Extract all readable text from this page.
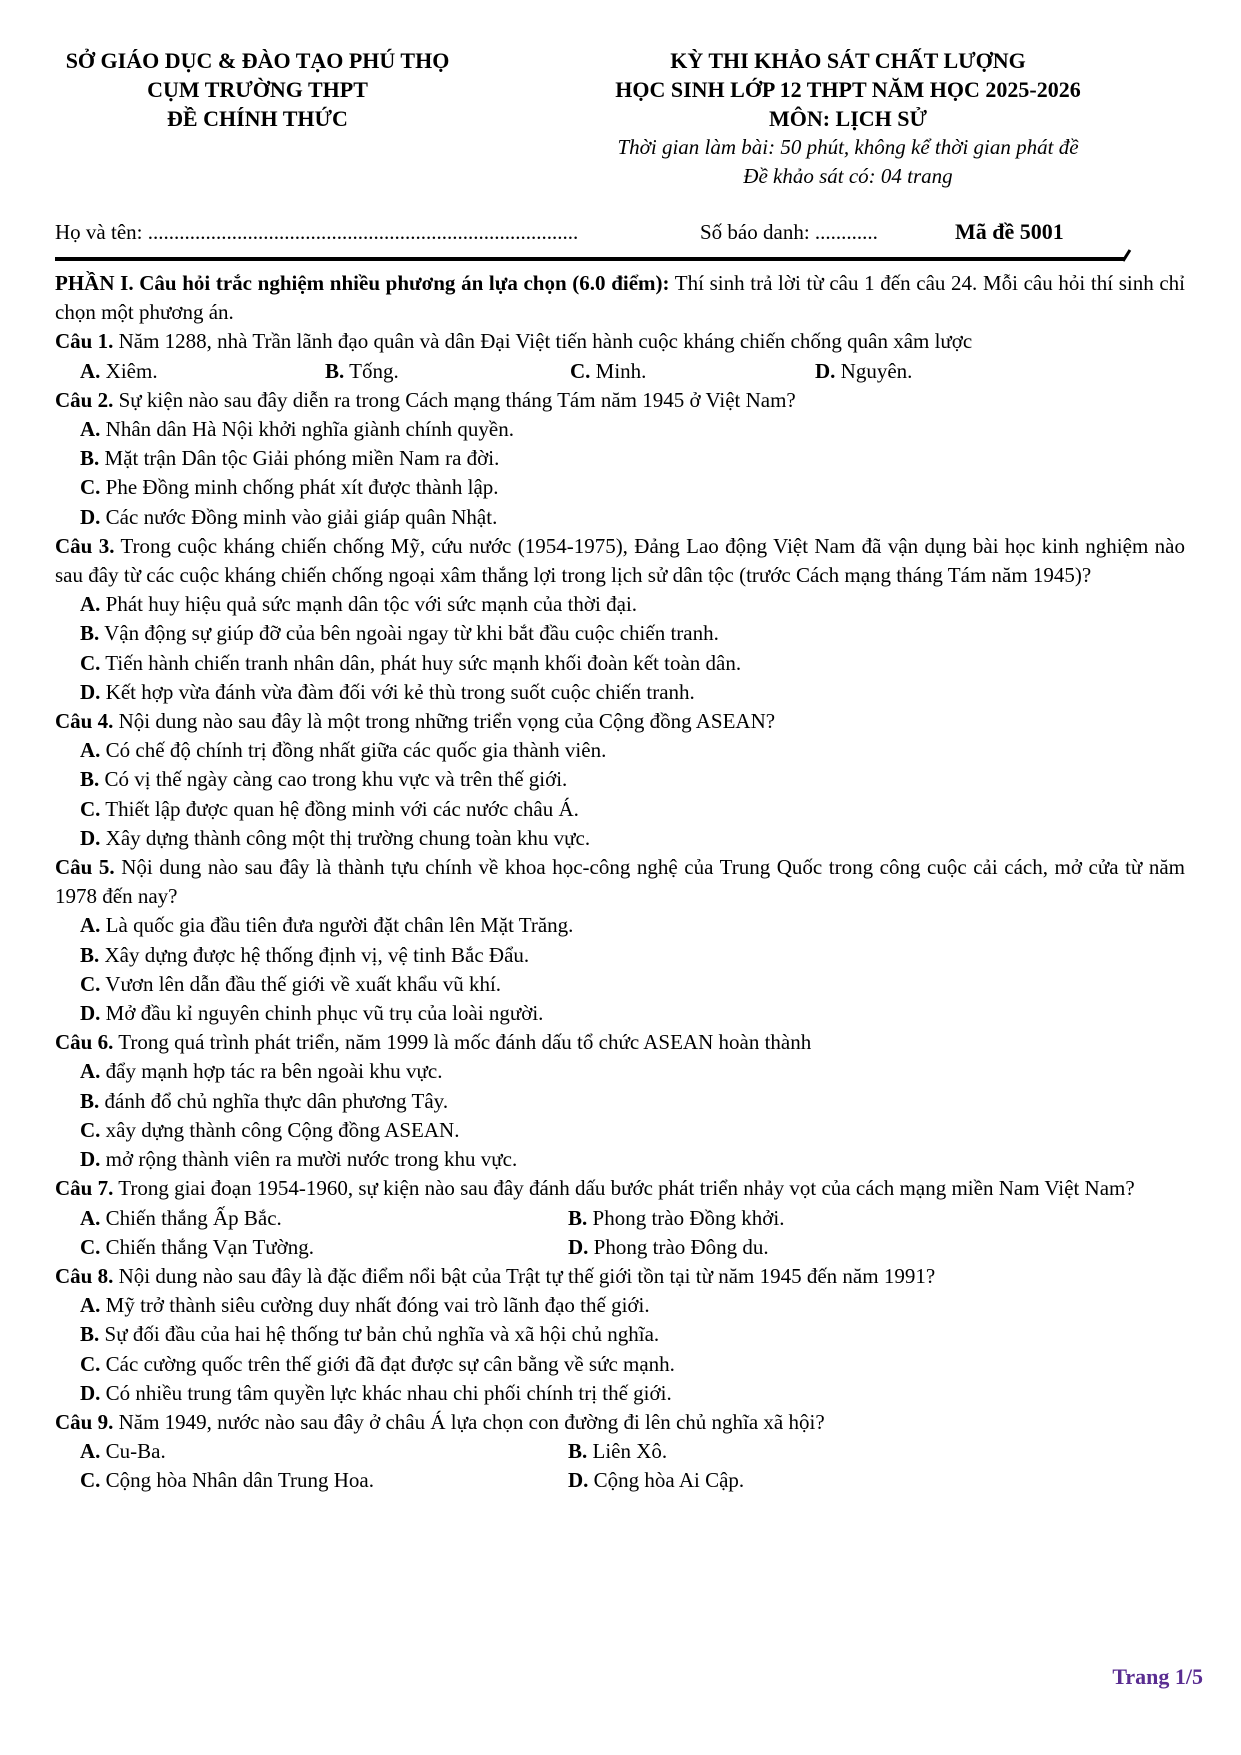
SỞ GIÁO DỤC & ĐÀO TẠO PHÚ THỌ
CỤM TRƯỜNG THPT
ĐỀ CHÍNH THỨC
KỲ THI KHẢO SÁT CHẤT LƯỢNG
HỌC SINH LỚP 12 THPT NĂM HỌC 2025-2026
MÔN: LỊCH SỬ
Thời gian làm bài: 50 phút, không kể thời gian phát đề
Đề khảo sát có: 04 trang
Họ và tên: ..................................................................................	Số báo danh: ............	Mã đề 5001

PHẦN I. Câu hỏi trắc nghiệm nhiều phương án lựa chọn (6.0 điểm): Thí sinh trả lời từ câu 1 đến câu 24. Mỗi câu hỏi thí sinh chỉ chọn một phương án.

Câu 1. Năm 1288, nhà Trần lãnh đạo quân và dân Đại Việt tiến hành cuộc kháng chiến chống quân xâm lược

A. Xiêm.	B. Tống.	C. Minh.	D. Nguyên.

Câu 2. Sự kiện nào sau đây diễn ra trong Cách mạng tháng Tám năm 1945 ở Việt Nam?

A. Nhân dân Hà Nội khởi nghĩa giành chính quyền.
B. Mặt trận Dân tộc Giải phóng miền Nam ra đời.
C. Phe Đồng minh chống phát xít được thành lập.
D. Các nước Đồng minh vào giải giáp quân Nhật.

Câu 3. Trong cuộc kháng chiến chống Mỹ, cứu nước (1954-1975), Đảng Lao động Việt Nam đã vận dụng bài học kinh nghiệm nào sau đây từ các cuộc kháng chiến chống ngoại xâm thắng lợi trong lịch sử dân tộc (trước Cách mạng tháng Tám năm 1945)?

A. Phát huy hiệu quả sức mạnh dân tộc với sức mạnh của thời đại.
B. Vận động sự giúp đỡ của bên ngoài ngay từ khi bắt đầu cuộc chiến tranh.
C. Tiến hành chiến tranh nhân dân, phát huy sức mạnh khối đoàn kết toàn dân.
D. Kết hợp vừa đánh vừa đàm đối với kẻ thù trong suốt cuộc chiến tranh.

Câu 4. Nội dung nào sau đây là một trong những triển vọng của Cộng đồng ASEAN?

A. Có chế độ chính trị đồng nhất giữa các quốc gia thành viên.
B. Có vị thế ngày càng cao trong khu vực và trên thế giới.
C. Thiết lập được quan hệ đồng minh với các nước châu Á.
D. Xây dựng thành công một thị trường chung toàn khu vực.

Câu 5. Nội dung nào sau đây là thành tựu chính về khoa học-công nghệ của Trung Quốc trong công cuộc cải cách, mở cửa từ năm 1978 đến nay?

A. Là quốc gia đầu tiên đưa người đặt chân lên Mặt Trăng.
B. Xây dựng được hệ thống định vị, vệ tinh Bắc Đẩu.
C. Vươn lên dẫn đầu thế giới về xuất khẩu vũ khí.
D. Mở đầu kỉ nguyên chinh phục vũ trụ của loài người.

Câu 6. Trong quá trình phát triển, năm 1999 là mốc đánh dấu tổ chức ASEAN hoàn thành

A. đẩy mạnh hợp tác ra bên ngoài khu vực.
B. đánh đổ chủ nghĩa thực dân phương Tây.
C. xây dựng thành công Cộng đồng ASEAN.
D. mở rộng thành viên ra mười nước trong khu vực.

Câu 7. Trong giai đoạn 1954-1960, sự kiện nào sau đây đánh dấu bước phát triển nhảy vọt của cách mạng miền Nam Việt Nam?

A. Chiến thắng Ấp Bắc.	B. Phong trào Đồng khởi.
C. Chiến thắng Vạn Tường.	D. Phong trào Đông du.

Câu 8. Nội dung nào sau đây là đặc điểm nổi bật của Trật tự thế giới tồn tại từ năm 1945 đến năm 1991?

A. Mỹ trở thành siêu cường duy nhất đóng vai trò lãnh đạo thế giới.
B. Sự đối đầu của hai hệ thống tư bản chủ nghĩa và xã hội chủ nghĩa.
C. Các cường quốc trên thế giới đã đạt được sự cân bằng về sức mạnh.
D. Có nhiều trung tâm quyền lực khác nhau chi phối chính trị thế giới.

Câu 9. Năm 1949, nước nào sau đây ở châu Á lựa chọn con đường đi lên chủ nghĩa xã hội?

A. Cu-Ba.	B. Liên Xô.
C. Cộng hòa Nhân dân Trung Hoa.	D. Cộng hòa Ai Cập.
Trang 1/5
